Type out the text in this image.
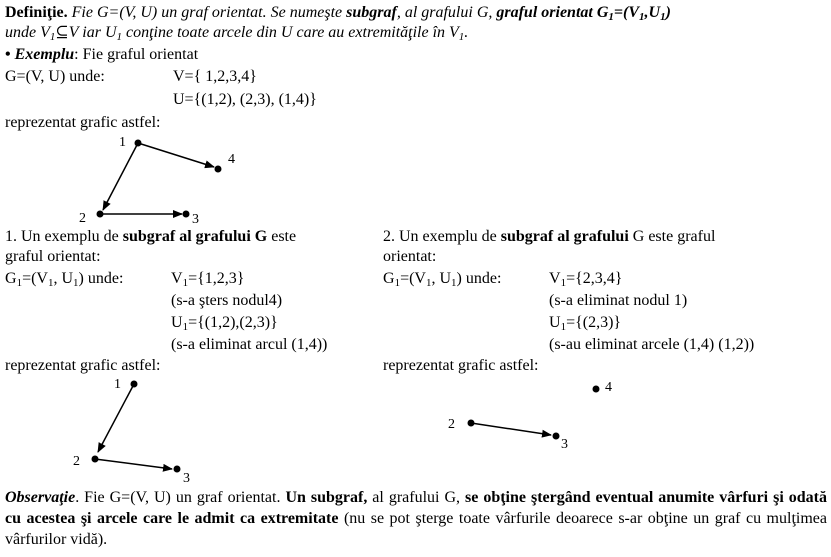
Definiţie. Fie G=(V, U) un graf orientat. Se numeşte subgraf, al grafului G, graful orientat $G_1=(V_1,U_1)$
unde $V_1⊆V$ iar $U_1$ conţine toate arcele din U care au extremităţile în $V_1$.
• Exemplu: Fie graful orientat
G=(V, U) unde:	V={ 1,2,3,4}
U={(1,2), (2,3), (1,4)}
reprezentat grafic astfel:
1
4
2	3
1
2
3
4
2
3
1. Un exemplu de subgraf al grafului G este
graful orientat:
$G_1=(V_1$, $U_1$) unde:	$V_1=\{1,2,3\}$
(s-a şters nodul4)
$U_1=\{(1,2),(2,3)\}$
(s-a eliminat arcul (1,4))
reprezentat grafic astfel:
2. Un exemplu de subgraf al grafului G este graful
orientat:
$G_1=(V_1$, $U_1$) unde:	$V_1=\{2,3,4\}$
(s-a eliminat nodul 1)
$U_1=\{(2,3)\}$
(s-au eliminat arcele (1,4) (1,2))
reprezentat grafic astfel:
Observaţie. Fie G=(V, U) un graf orientat. Un subgraf, al grafului G, se obţine ştergând eventual anumite vârfuri şi odată cu acestea şi arcele care le admit ca extremitate (nu se pot şterge toate vârfurile deoarece s-ar obţine un graf cu mulţimea vârfurilor vidă).
